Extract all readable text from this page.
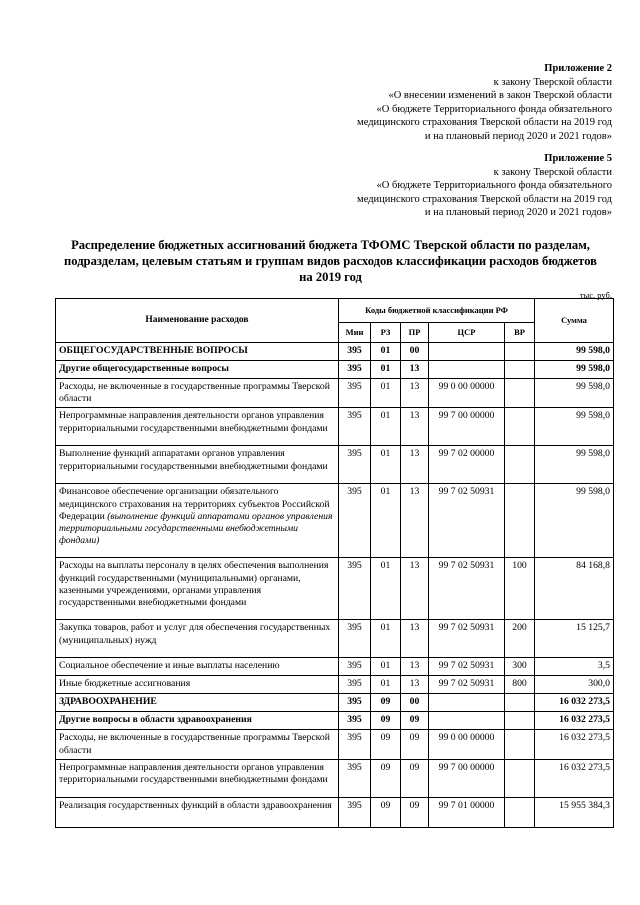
Приложение 2
к закону Тверской области
«О внесении изменений в закон Тверской области
«О бюджете Территориального фонда обязательного
медицинского страхования Тверской области на 2019 год
и на плановый период 2020 и 2021 годов»
Приложение 5
к закону Тверской области
«О бюджете Территориального фонда обязательного
медицинского страхования Тверской области на 2019 год
и на плановый период 2020 и 2021 годов»
Распределение бюджетных ассигнований бюджета ТФОМС Тверской области по разделам,
подразделам, целевым статьям и группам видов расходов классификации расходов бюджетов
на 2019 год
тыс. руб.
Наименование расходов	Коды бюджетной классификации РФ					Сумма
	Мин	РЗ	ПР	ЦСР	ВР	
ОБЩЕГОСУДАРСТВЕННЫЕ ВОПРОСЫ	395	01	00			99 598,0
Другие общегосударственные вопросы	395	01	13			99 598,0
Расходы, не включенные в государственные программы Тверской области	395	01	13	99 0 00 00000		99 598,0
Непрограммные направления деятельности органов управления территориальными государственными внебюджетными фондами	395	01	13	99 7 00 00000		99 598,0
Выполнение функций аппаратами органов управления территориальными государственными внебюджетными фондами	395	01	13	99 7 02 00000		99 598,0
Финансовое обеспечение организации обязательного медицинского страхования на территориях субъектов Российской Федерации (выполнение функций аппаратами органов управления территориальными государственными внебюджетными фондами)	395	01	13	99 7 02 50931		99 598,0
Расходы на выплаты персоналу в целях обеспечения выполнения функций государственными (муниципальными) органами, казенными учреждениями, органами управления государственными внебюджетными фондами	395	01	13	99 7 02 50931	100	84 168,8
Закупка товаров, работ и услуг для обеспечения государственных (муниципальных) нужд	395	01	13	99 7 02 50931	200	15 125,7
Социальное обеспечение и иные выплаты населению	395	01	13	99 7 02 50931	300	3,5
Иные бюджетные ассигнования	395	01	13	99 7 02 50931	800	300,0
ЗДРАВООХРАНЕНИЕ	395	09	00			16 032 273,5
Другие вопросы в области здравоохранения	395	09	09			16 032 273,5
Расходы, не включенные в государственные программы Тверской области	395	09	09	99 0 00 00000		16 032 273,5
Непрограммные направления деятельности органов управления территориальными государственными внебюджетными фондами	395	09	09	99 7 00 00000		16 032 273,5
Реализация государственных функций в области здравоохранения	395	09	09	99 7 01 00000		15 955 384,3
